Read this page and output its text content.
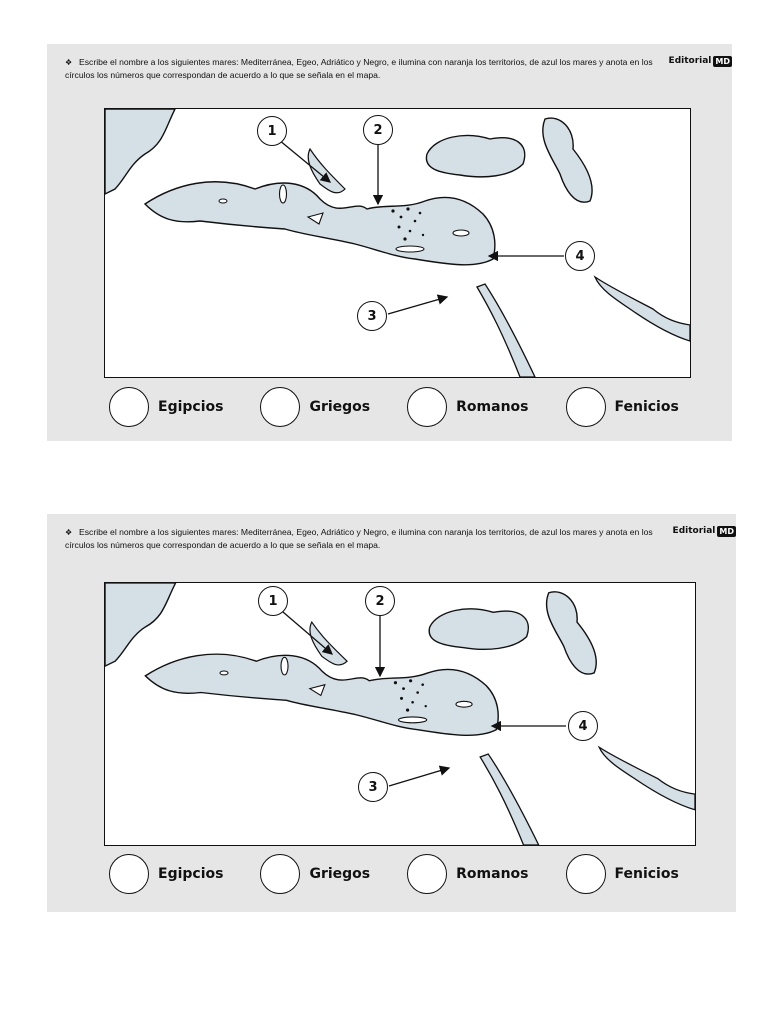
❖ Escribe el nombre a los siguientes mares: Mediterránea, Egeo, Adriático y Negro, e ilumina con naranja los territorios, de azul los mares y anota en los círculos los números que correspondan de acuerdo a lo que se señala en el mapa.
Editorial MD
1	2
3
4
Egipcios	Griegos	Romanos	Fenicios
❖ Escribe el nombre a los siguientes mares: Mediterránea, Egeo, Adriático y Negro, e ilumina con naranja los territorios, de azul los mares y anota en los círculos los números que correspondan de acuerdo a lo que se señala en el mapa.
Editorial MD
1	2
3
4
Egipcios	Griegos	Romanos	Fenicios
